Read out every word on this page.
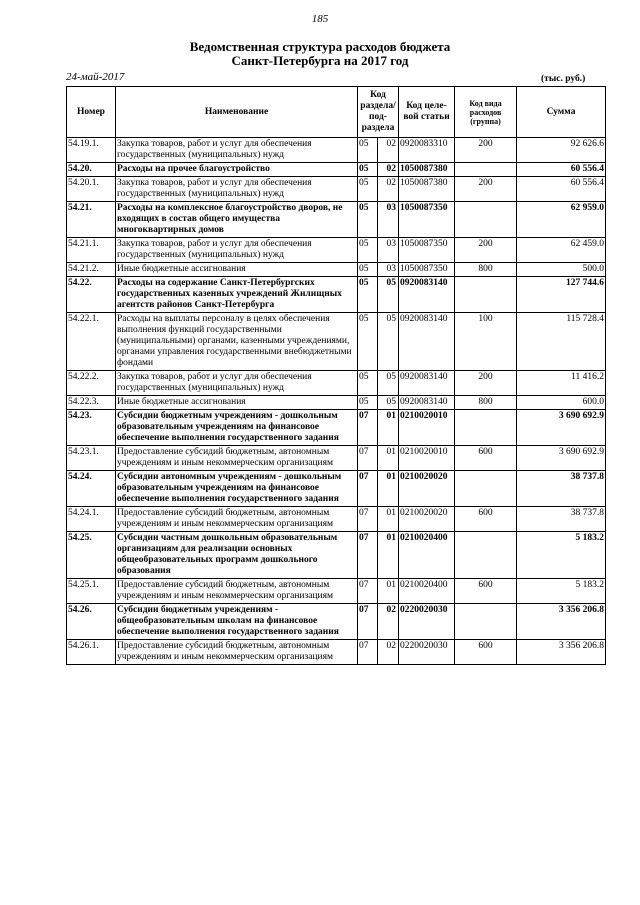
185
Ведомственная структура расходов бюджета
Санкт-Петербурга на 2017 год
24-май-2017	(тыс. руб.)
Номер	Наименование	Код раздела/ под-раздела		Код целе-вой статьи	Код вида расходов (группа)	Сумма
54.19.1.	Закупка товаров, работ и услуг для обеспечения государственных (муниципальных) нужд	05	02	0920083310	200	92 626.6
54.20.	Расходы на прочее благоустройство	05	02	1050087380		60 556.4
54.20.1.	Закупка товаров, работ и услуг для обеспечения государственных (муниципальных) нужд	05	02	1050087380	200	60 556.4
54.21.	Расходы на комплексное благоустройство дворов, не входящих в состав общего имущества многоквартирных домов	05	03	1050087350		62 959.0
54.21.1.	Закупка товаров, работ и услуг для обеспечения государственных (муниципальных) нужд	05	03	1050087350	200	62 459.0
54.21.2.	Иные бюджетные ассигнования	05	03	1050087350	800	500.0
54.22.	Расходы на содержание Санкт-Петербургских государственных казенных учреждений Жилищных агентств районов Санкт-Петербурга	05	05	0920083140		127 744.6
54.22.1.	Расходы на выплаты персоналу в целях обеспечения выполнения функций государственными (муниципальными) органами, казенными учреждениями, органами управления государственными внебюджетными фондами	05	05	0920083140	100	115 728.4
54.22.2.	Закупка товаров, работ и услуг для обеспечения государственных (муниципальных) нужд	05	05	0920083140	200	11 416.2
54.22.3.	Иные бюджетные ассигнования	05	05	0920083140	800	600.0
54.23.	Субсидии бюджетным учреждениям - дошкольным образовательным учреждениям на финансовое обеспечение выполнения государственного задания	07	01	0210020010		3 690 692.9
54.23.1.	Предоставление субсидий бюджетным, автономным учреждениям и иным некоммерческим организациям	07	01	0210020010	600	3 690 692.9
54.24.	Субсидии автономным учреждениям - дошкольным образовательным учреждениям на финансовое обеспечение выполнения государственного задания	07	01	0210020020		38 737.8
54.24.1.	Предоставление субсидий бюджетным, автономным учреждениям и иным некоммерческим организациям	07	01	0210020020	600	38 737.8
54.25.	Субсидии частным дошкольным образовательным организациям для реализации основных общеобразовательных программ дошкольного образования	07	01	0210020400		5 183.2
54.25.1.	Предоставление субсидий бюджетным, автономным учреждениям и иным некоммерческим организациям	07	01	0210020400	600	5 183.2
54.26.	Субсидии бюджетным учреждениям - общеобразовательным школам на финансовое обеспечение выполнения государственного задания	07	02	0220020030		3 356 206.8
54.26.1.	Предоставление субсидий бюджетным, автономным учреждениям и иным некоммерческим организациям	07	02	0220020030	600	3 356 206.8
